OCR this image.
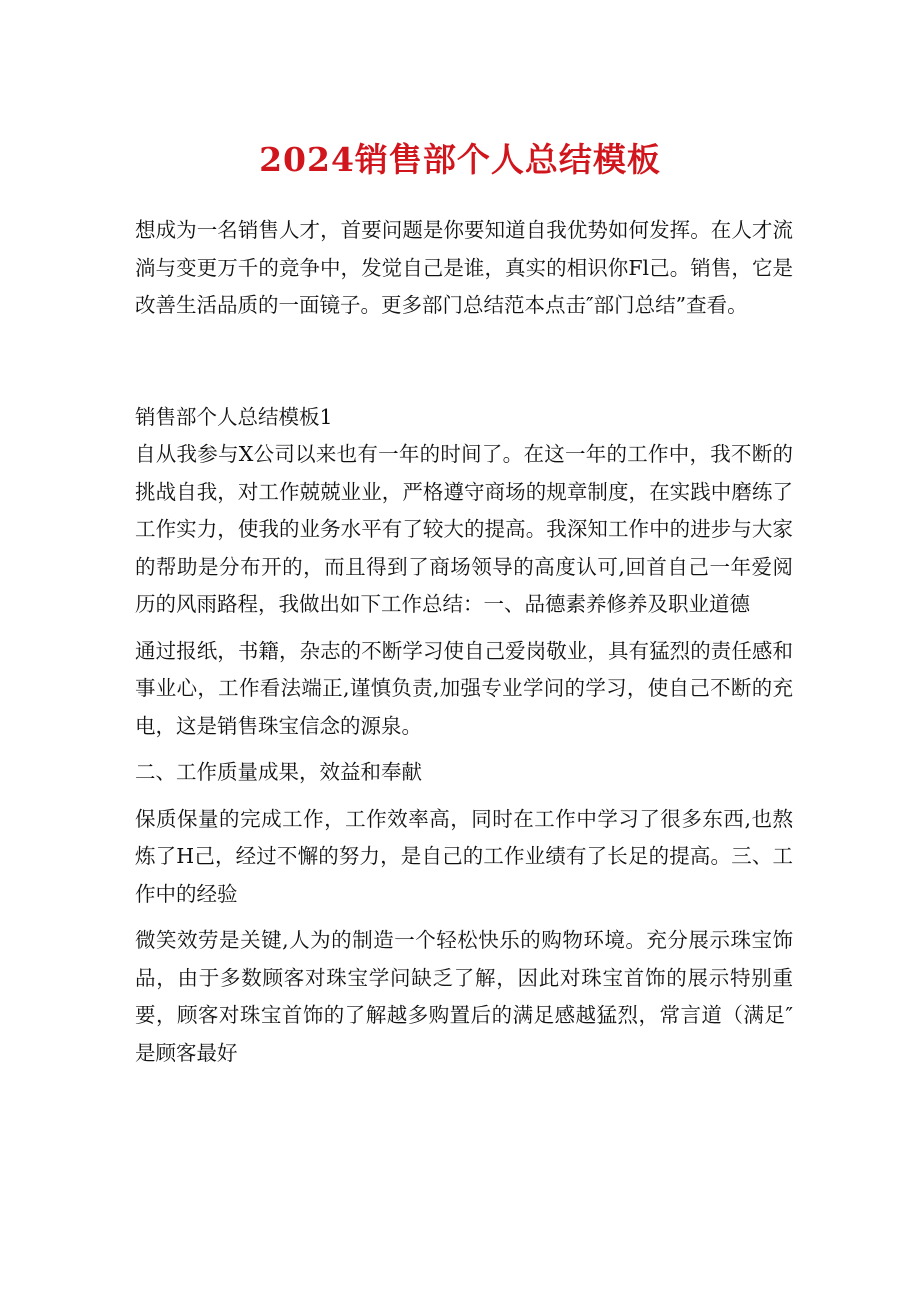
2024销售部个人总结模板

想成为一名销售人才，首要问题是你要知道自我优势如何发挥。在人才流淌与变更万千的竞争中，发觉自己是谁，真实的相识你Fl己。销售，它是改善生活品质的一面镜子。更多部门总结范本点击″部门总结”查看。

销售部个人总结模板1

自从我参与X公司以来也有一年的时间了。在这一年的工作中，我不断的挑战自我，对工作兢兢业业，严格遵守商场的规章制度，在实践中磨练了工作实力，使我的业务水平有了较大的提高。我深知工作中的进步与大家的帮助是分布开的，而且得到了商场领导的高度认可,回首自己一年爱阅历的风雨路程，我做出如下工作总结：一、品德素养修养及职业道德

通过报纸，书籍，杂志的不断学习使自己爱岗敬业，具有猛烈的责任感和事业心，工作看法端正,谨慎负责,加强专业学问的学习，使自己不断的充电，这是销售珠宝信念的源泉。

二、工作质量成果，效益和奉献

保质保量的完成工作，工作效率高，同时在工作中学习了很多东西,也熬炼了H己，经过不懈的努力，是自己的工作业绩有了长足的提高。三、工作中的经验

微笑效劳是关键,人为的制造一个轻松快乐的购物环境。充分展示珠宝饰品，由于多数顾客对珠宝学问缺乏了解，因此对珠宝首饰的展示特别重要，顾客对珠宝首饰的了解越多购置后的满足感越猛烈，常言道（满足″是顾客最好
